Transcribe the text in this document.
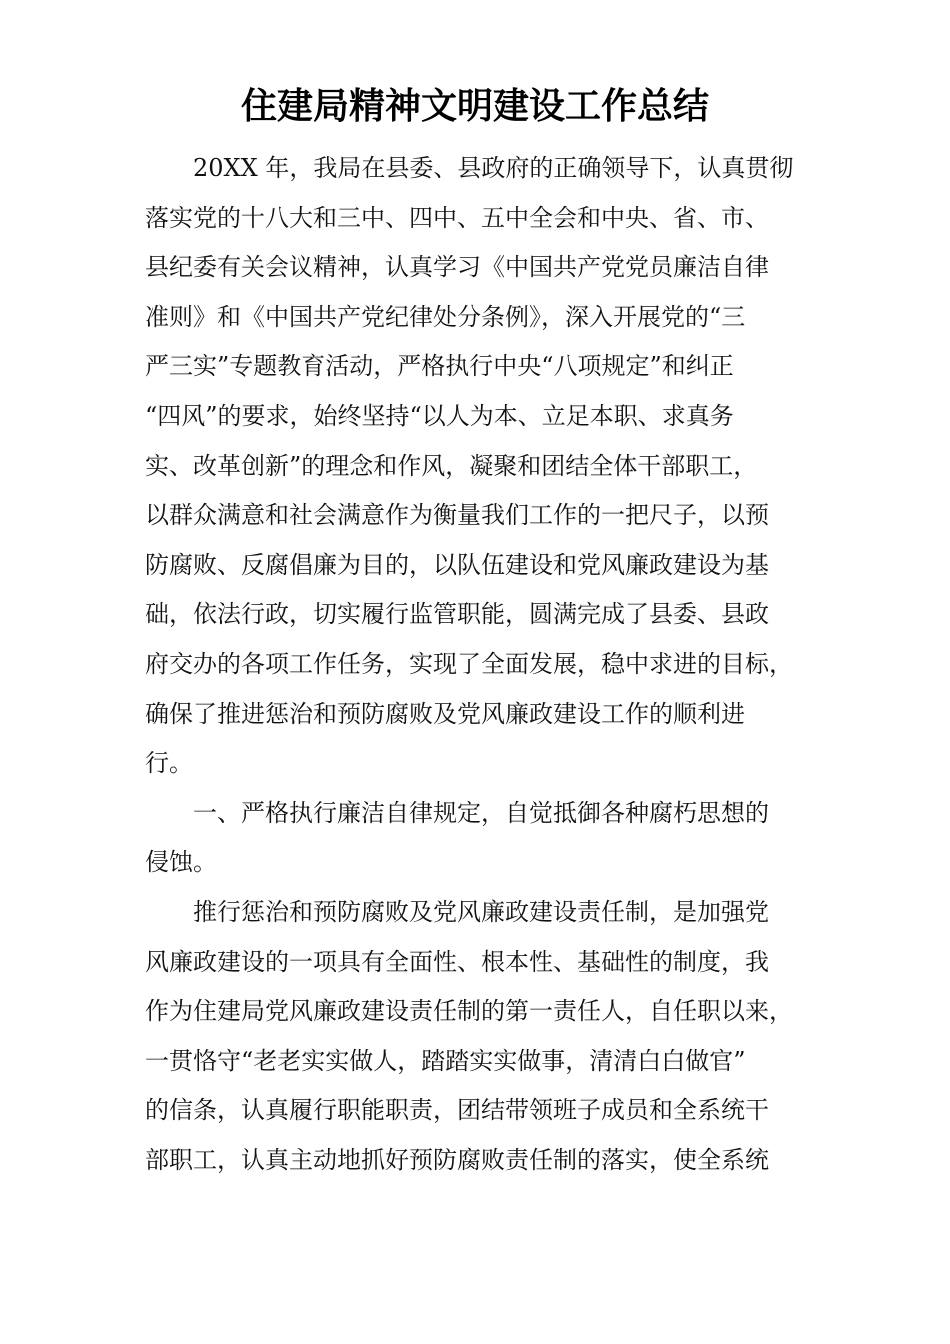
住建局精神文明建设工作总结

20XX 年，我局在县委、县政府的正确领导下，认真贯彻
落实党的十八大和三中、四中、五中全会和中央、省、市、
县纪委有关会议精神，认真学习《中国共产党党员廉洁自律
准则》和《中国共产党纪律处分条例》，深入开展党的“三
严三实”专题教育活动，严格执行中央“八项规定”和纠正
“四风”的要求，始终坚持“以人为本、立足本职、求真务
实、改革创新”的理念和作风，凝聚和团结全体干部职工，
以群众满意和社会满意作为衡量我们工作的一把尺子，以预
防腐败、反腐倡廉为目的，以队伍建设和党风廉政建设为基
础，依法行政，切实履行监管职能，圆满完成了县委、县政
府交办的各项工作任务，实现了全面发展，稳中求进的目标，
确保了推进惩治和预防腐败及党风廉政建设工作的顺利进
行。

一、严格执行廉洁自律规定，自觉抵御各种腐朽思想的
侵蚀。

推行惩治和预防腐败及党风廉政建设责任制，是加强党
风廉政建设的一项具有全面性、根本性、基础性的制度，我
作为住建局党风廉政建设责任制的第一责任人，自任职以来，
一贯恪守“老老实实做人，踏踏实实做事，清清白白做官”
的信条，认真履行职能职责，团结带领班子成员和全系统干
部职工，认真主动地抓好预防腐败责任制的落实，使全系统
